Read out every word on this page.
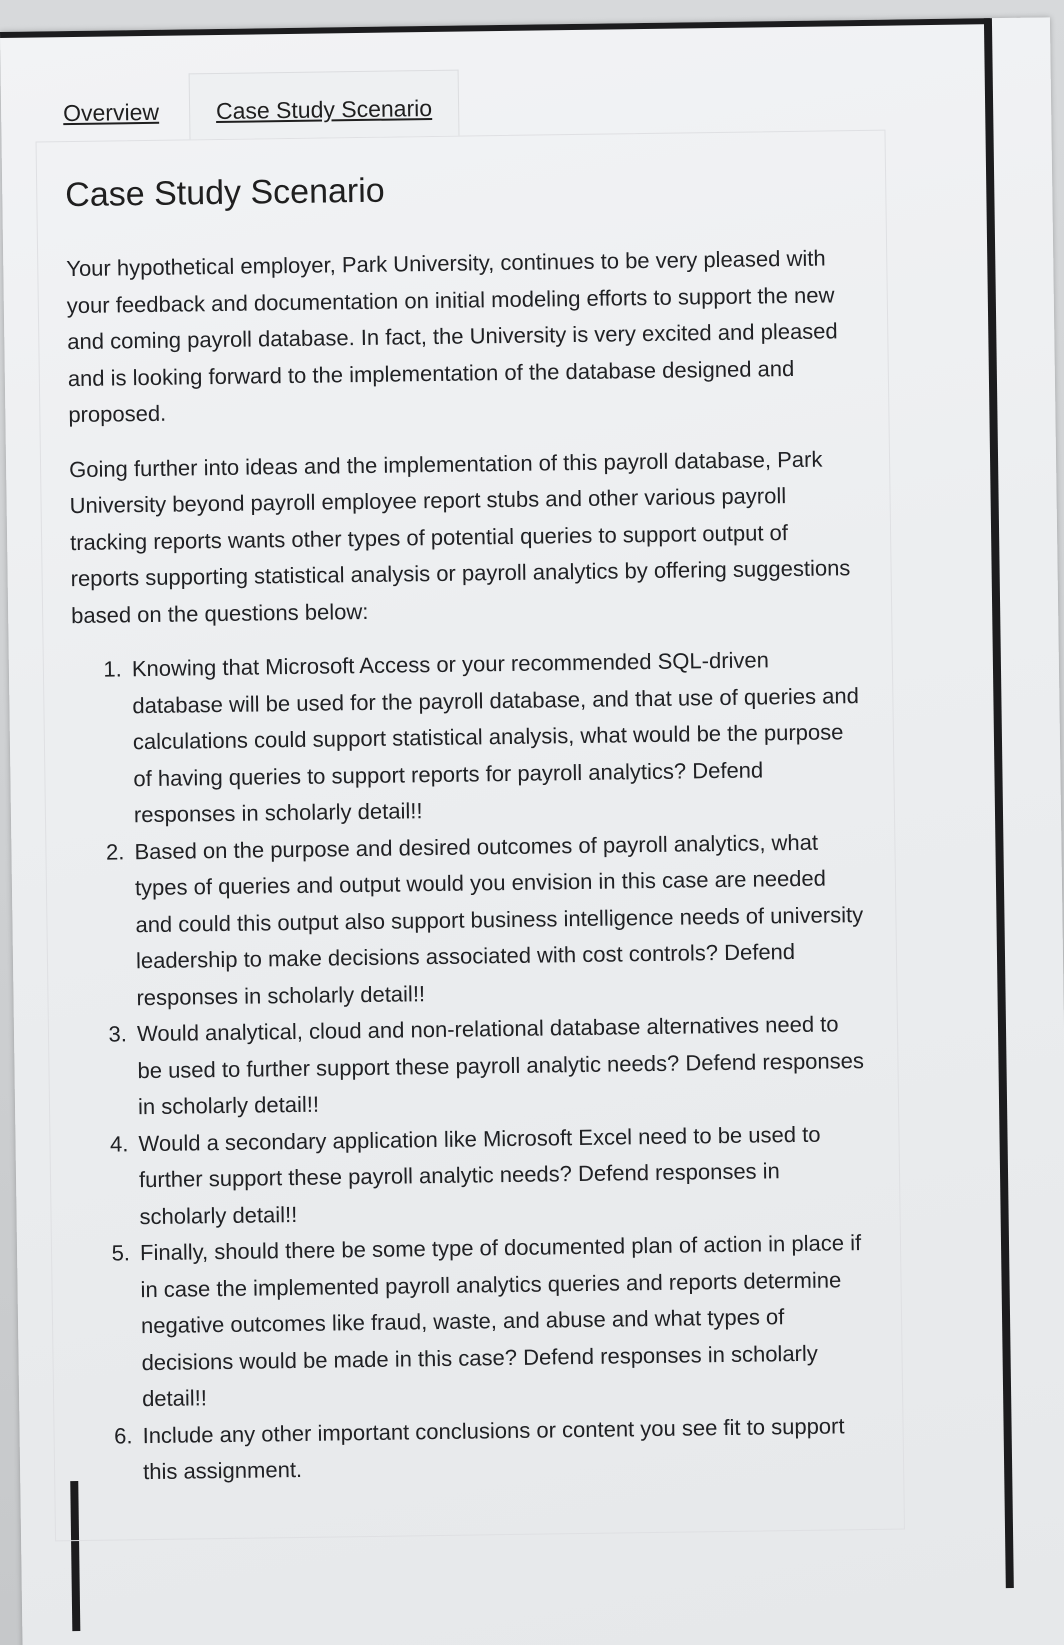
Overview	Case Study Scenario
Case Study Scenario

Your hypothetical employer, Park University, continues to be very pleased with your feedback and documentation on initial modeling efforts to support the new and coming payroll database. In fact, the University is very excited and pleased and is looking forward to the implementation of the database designed and proposed.

Going further into ideas and the implementation of this payroll database, Park University beyond payroll employee report stubs and other various payroll tracking reports wants other types of potential queries to support output of reports supporting statistical analysis or payroll analytics by offering suggestions based on the questions below:

1. Knowing that Microsoft Access or your recommended SQL-driven database will be used for the payroll database, and that use of queries and calculations could support statistical analysis, what would be the purpose of having queries to support reports for payroll analytics? Defend responses in scholarly detail!!
2. Based on the purpose and desired outcomes of payroll analytics, what types of queries and output would you envision in this case are needed and could this output also support business intelligence needs of university leadership to make decisions associated with cost controls? Defend responses in scholarly detail!!
3. Would analytical, cloud and non-relational database alternatives need to be used to further support these payroll analytic needs? Defend responses in scholarly detail!!
4. Would a secondary application like Microsoft Excel need to be used to further support these payroll analytic needs? Defend responses in scholarly detail!!
5. Finally, should there be some type of documented plan of action in place if in case the implemented payroll analytics queries and reports determine negative outcomes like fraud, waste, and abuse and what types of decisions would be made in this case? Defend responses in scholarly detail!!
6. Include any other important conclusions or content you see fit to support this assignment.
